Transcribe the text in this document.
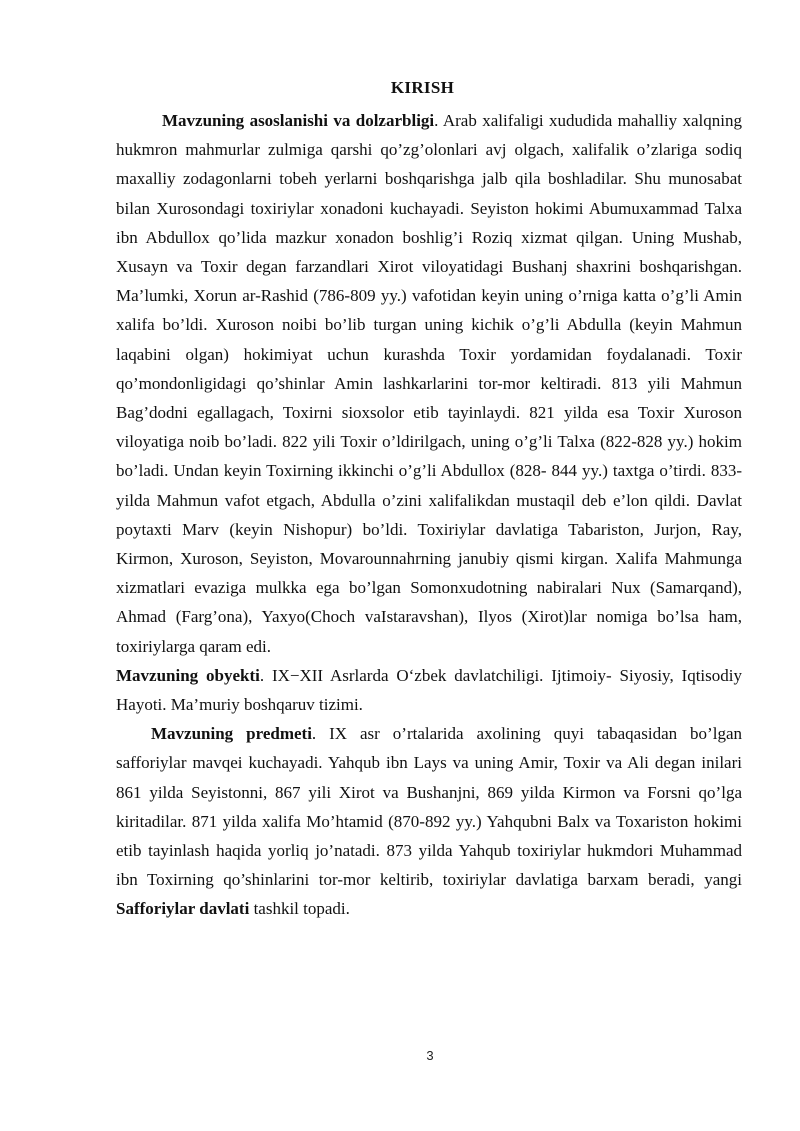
KIRISH

Mavzuning asoslanishi va dolzarbligi. Arab xalifaligi xududida mahalliy xalqning hukmron mahmurlar zulmiga qarshi qo’zg’olonlari avj olgach, xalifalik o’zlariga sodiq maxalliy zodagonlarni tobeh yerlarni boshqarishga jalb qila boshladilar. Shu munosabat bilan Xurosondagi toxiriylar xonadoni kuchayadi. Seyiston hokimi Abumuxammad Talxa ibn Abdullox qo’lida mazkur xonadon boshlig’i Roziq xizmat qilgan. Uning Mushab, Xusayn va Toxir degan farzandlari Xirot viloyatidagi Bushanj shaxrini boshqarishgan. Ma’lumki, Xorun ar-Rashid (786-809 yy.) vafotidan keyin uning o’rniga katta o’g’li Amin xalifa bo’ldi. Xuroson noibi bo’lib turgan uning kichik o’g’li Abdulla (keyin Mahmun laqabini olgan) hokimiyat uchun kurashda Toxir yordamidan foydalanadi. Toxir qo’mondonligidagi qo’shinlar Amin lashkarlarini tor-mor keltiradi. 813 yili Mahmun Bag’dodni egallagach, Toxirni sioxsolor etib tayinlaydi. 821 yilda esa Toxir Xuroson viloyatiga noib bo’ladi. 822 yili Toxir o’ldirilgach, uning o’g’li Talxa (822-828 yy.) hokim bo’ladi. Undan keyin Toxirning ikkinchi o’g’li Abdullox (828- 844 yy.) taxtga o’tirdi. 833- yilda Mahmun vafot etgach, Abdulla o’zini xalifalikdan mustaqil deb e’lon qildi. Davlat poytaxti Marv (keyin Nishopur) bo’ldi. Toxiriylar davlatiga Tabariston, Jurjon, Ray, Kirmon, Xuroson, Seyiston, Movarounnahrning janubiy qismi kirgan. Xalifa Mahmunga xizmatlari evaziga mulkka ega bo’lgan Somonxudotning nabiralari Nux (Samarqand), Ahmad (Farg’ona), Yaxyo(Choch vaIstaravshan), Ilyos (Xirot)lar nomiga bo’lsa ham, toxiriylarga qaram edi.

Mavzuning obyekti. IX−XII Asrlarda O‘zbek davlatchiligi. Ijtimoiy- Siyosiy, Iqtisodiy Hayoti. Ma’muriy boshqaruv tizimi.

Mavzuning predmeti. IX asr o’rtalarida axolining quyi tabaqasidan bo’lgan safforiylar mavqei kuchayadi. Yahqub ibn Lays va uning Amir, Toxir va Ali degan inilari 861 yilda Seyistonni, 867 yili Xirot va Bushanjni, 869 yilda Kirmon va Forsni qo’lga kiritadilar. 871 yilda xalifa Mo’htamid (870-892 yy.) Yahqubni Balx va Toxariston hokimi etib tayinlash haqida yorliq jo’natadi. 873 yilda Yahqub toxiriylar hukmdori Muhammad ibn Toxirning qo’shinlarini tor-mor keltirib, toxiriylar davlatiga barxam beradi, yangi Safforiylar davlati tashkil topadi.

3
